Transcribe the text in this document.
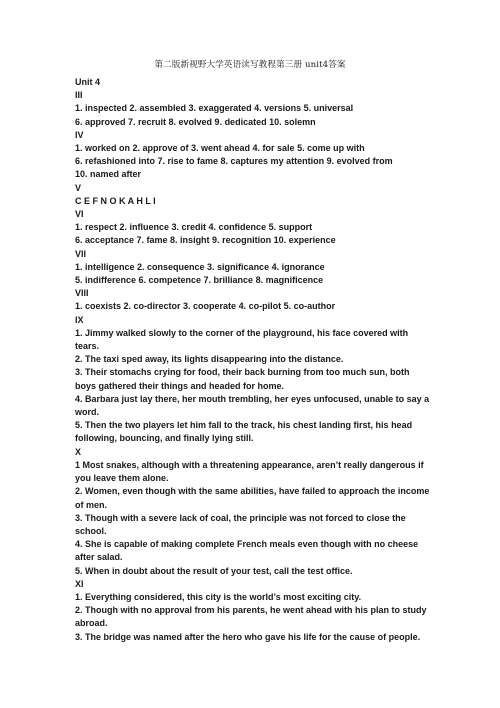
第二版新视野大学英语读写教程第三册 unit4答案
Unit 4
III
1. inspected 2. assembled 3. exaggerated 4. versions 5. universal
6. approved 7. recruit 8. evolved 9. dedicated 10. solemn
IV
1. worked on 2. approve of 3. went ahead 4. for sale 5. come up with
6. refashioned into 7. rise to fame 8. captures my attention 9. evolved from
10. named after
V
C E F N O K A H L I
VI
1. respect 2. influence 3. credit 4. confidence 5. support
6. acceptance 7. fame 8. insight 9. recognition 10. experience
VII
1. intelligence 2. consequence 3. significance 4. ignorance
5. indifference 6. competence 7. brilliance 8. magnificence
VIII
1. coexists 2. co-director 3. cooperate 4. co-pilot 5. co-author
IX
1. Jimmy walked slowly to the corner of the playground, his face covered with
tears.
2. The taxi sped away, its lights disappearing into the distance.
3. Their stomachs crying for food, their back burning from too much sun, both
boys gathered their things and headed for home.
4. Barbara just lay there, her mouth trembling, her eyes unfocused, unable to say a
word.
5. Then the two players let him fall to the track, his chest landing first, his head
following, bouncing, and finally lying still.
X
1 Most snakes, although with a threatening appearance, aren’t really dangerous if
you leave them alone.
2. Women, even though with the same abilities, have failed to approach the income
of men.
3. Though with a severe lack of coal, the principle was not forced to close the
school.
4. She is capable of making complete French meals even though with no cheese
after salad.
5. When in doubt about the result of your test, call the test office.
XI
1. Everything considered, this city is the world’s most exciting city.
2. Though with no approval from his parents, he went ahead with his plan to study
abroad.
3. The bridge was named after the hero who gave his life for the cause of people.
